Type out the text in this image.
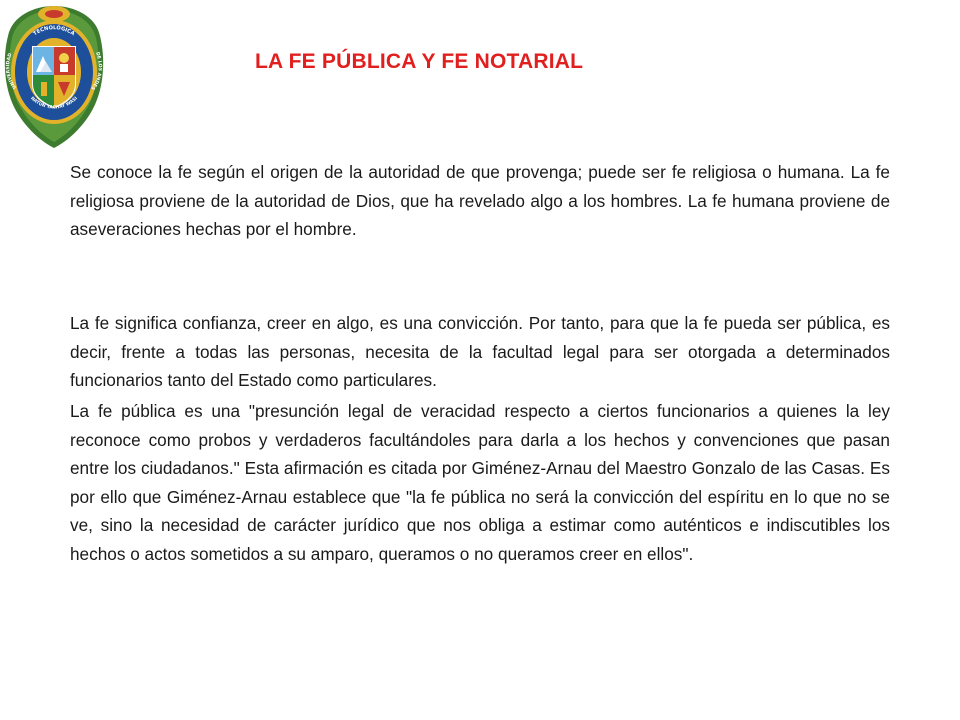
TECNOLÓGICA
UNIVERSIDAD	DE LOS ANDES
NATUN YACHAY WASI
LA FE PÚBLICA Y FE NOTARIAL

Se conoce la fe según el origen de la autoridad de que provenga; puede ser fe religiosa o humana. La fe religiosa proviene de la autoridad de Dios, que ha revelado algo a los hombres. La fe humana proviene de aseveraciones hechas por el hombre.

La fe significa confianza, creer en algo, es una convicción. Por tanto, para que la fe pueda ser pública, es decir, frente a todas las personas, necesita de la facultad legal para ser otorgada a determinados funcionarios tanto del Estado como particulares.

La fe pública es una "presunción legal de veracidad respecto a ciertos funcionarios a quienes la ley reconoce como probos y verdaderos facultándoles para darla a los hechos y convenciones que pasan entre los ciudadanos." Esta afirmación es citada por Giménez-Arnau del Maestro Gonzalo de las Casas. Es por ello que Giménez-Arnau establece que "la fe pública no será la convicción del espíritu en lo que no se ve, sino la necesidad de carácter jurídico que nos obliga a estimar como auténticos e indiscutibles los hechos o actos sometidos a su amparo, queramos o no queramos creer en ellos".
